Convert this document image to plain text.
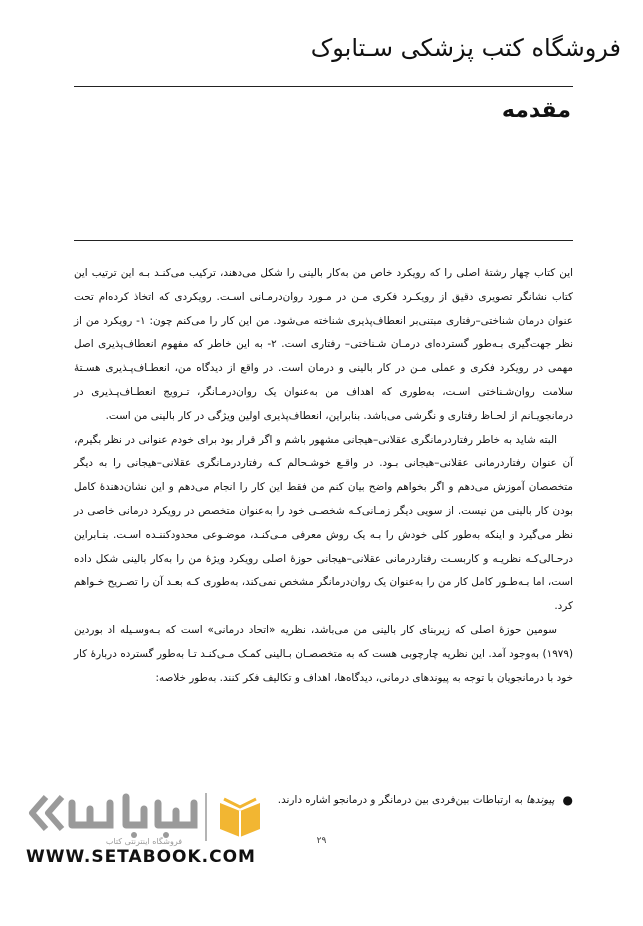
فروشگاه کتب پزشکی سـتابوک
مقدمه

این کتاب چهار رشتهٔ اصلی را که رویکرد خاص من به‌کار بالینی را شکل می‌دهند، ترکیب می‌کنـد بـه این ترتیب این کتاب نشانگر تصویری دقیق از رویکـرد فکری مـن در مـورد روان‌درمـانی اسـت. رویکردی که اتخاذ کرده‌ام تحت عنوان درمان شناختی–رفتاری مبتنی‌بر انعطاف‌پذیری شناخته می‌شود. من این کار را می‌کنم چون: ۱- رویکرد من از نظر جهت‌گیری بـه‌طور گسترده‌ای درمـان شـناختی– رفتاری است. ۲- به این خاطر که مفهوم انعطاف‌پذیری اصل مهمی در رویکرد فکری و عملی مـن در کار بالینی و درمان است. در واقع از دیدگاه من، انعطـاف‌پـذیری هسـتهٔ سلامت روان‌شـناختی اسـت، به‌طوری که اهداف من به‌عنوان یک روان‌درمـانگر، تـرویج انعطـاف‌پـذیری در درمانجویـانم از لحـاظ رفتاری و نگرشی می‌باشد. بنابراین، انعطاف‌پذیری اولین ویژگی در کار بالینی من است.

البته شاید به خاطر رفتاردرمانگری عقلانی–هیجانی مشهور باشم و اگر قرار بود برای خودم عنوانی در نظر بگیرم، آن عنوان رفتاردرمانی عقلانی–هیجانی بـود. در واقـع خوشـحالم کـه رفتاردرمـانگری عقلانی–هیجانی را به دیگر متخصصان آموزش می‌دهم و اگر بخواهم واضح بیان کنم من فقط این کار را انجام می‌دهم و این نشان‌دهندهٔ کامل بودن کار بالینی من نیست. از سویی دیگر زمـانی‌کـه شخصـی خود را به‌عنوان متخصص در رویکرد درمانی خاصی در نظر می‌گیرد و اینکه به‌طور کلی خودش را بـه یک روش معرفی مـی‌کنـد، موضـوعی محدودکننـده اسـت. بنـابراین درحـالی‌کـه نظریـه و کاربسـت رفتاردرمانی عقلانی–هیجانی حوزهٔ اصلی رویکرد ویژهٔ من را به‌کار بالینی شکل داده است، اما بـه‌طـور کامل کار من را به‌عنوان یک روان‌درمانگر مشخص نمی‌کند، به‌طوری کـه بعـد آن را تصـریح خـواهم کرد.

سومین حوزهٔ اصلی که زیربنای کار بالینی من می‌باشد، نظریه «اتحاد درمانی» است که بـه‌وسـیله اد بوردین (۱۹۷۹) به‌وجود آمد. این نظریه چارچوبی هست که به متخصصـان بـالینی کمـک مـی‌کنـد تـا به‌طور گسترده دربارهٔ کار خود با درمانجویان با توجه به پیوندهای درمانی، دیدگاه‌ها، اهداف و تکالیف فکر کنند. به‌طور خلاصه:

●
پیوندها به ارتباطات بین‌فردی بین درمانگر و درمانجو اشاره دارند.
۲۹
فروشگاه اینترنتی کتاب
WWW.SETABOOK.COM
